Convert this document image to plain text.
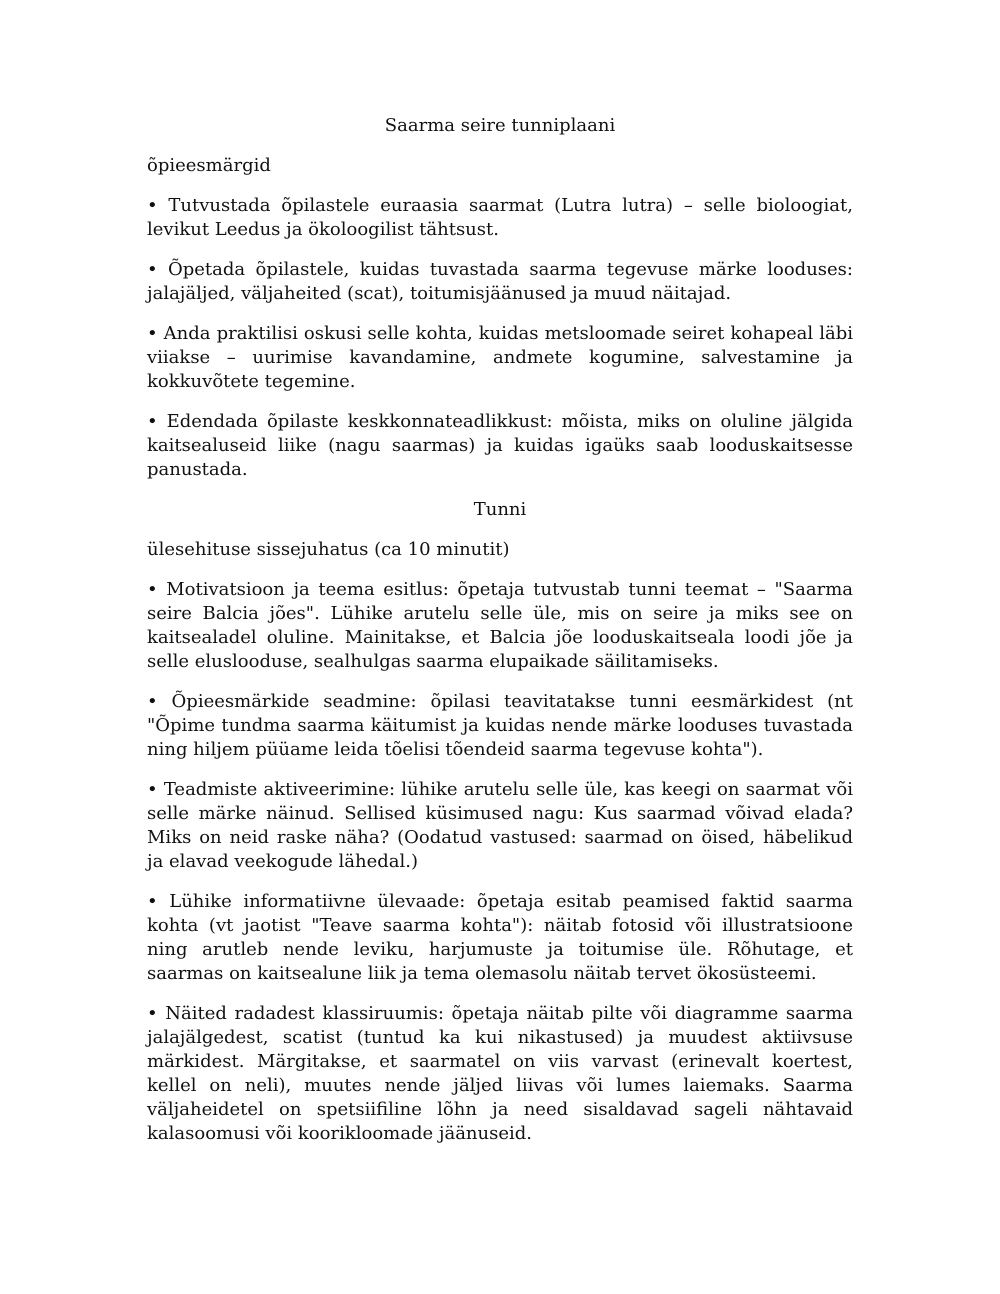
Saarma seire tunniplaani

õpieesmärgid

• Tutvustada õpilastele euraasia saarmat (Lutra lutra) – selle bioloogiat, levikut Leedus ja ökoloogilist tähtsust.

• Õpetada õpilastele, kuidas tuvastada saarma tegevuse märke looduses: jalajäljed, väljaheited (scat), toitumisjäänused ja muud näitajad.

• Anda praktilisi oskusi selle kohta, kuidas metsloomade seiret kohapeal läbi viiakse – uurimise kavandamine, andmete kogumine, salvestamine ja kokkuvõtete tegemine.

• Edendada õpilaste keskkonnateadlikkust: mõista, miks on oluline jälgida kaitsealuseid liike (nagu saarmas) ja kuidas igaüks saab looduskaitsesse panustada.

Tunni

ülesehituse sissejuhatus (ca 10 minutit)

• Motivatsioon ja teema esitlus: õpetaja tutvustab tunni teemat – "Saarma seire Balcia jões". Lühike arutelu selle üle, mis on seire ja miks see on kaitsealadel oluline. Mainitakse, et Balcia jõe looduskaitseala loodi jõe ja selle eluslooduse, sealhulgas saarma elupaikade säilitamiseks.

• Õpieesmärkide seadmine: õpilasi teavitatakse tunni eesmärkidest (nt "Õpime tundma saarma käitumist ja kuidas nende märke looduses tuvastada ning hiljem püüame leida tõelisi tõendeid saarma tegevuse kohta").

• Teadmiste aktiveerimine: lühike arutelu selle üle, kas keegi on saarmat või selle märke näinud. Sellised küsimused nagu: Kus saarmad võivad elada? Miks on neid raske näha? (Oodatud vastused: saarmad on öised, häbelikud ja elavad veekogude lähedal.)

• Lühike informatiivne ülevaade: õpetaja esitab peamised faktid saarma kohta (vt jaotist "Teave saarma kohta"): näitab fotosid või illustratsioone ning arutleb nende leviku, harjumuste ja toitumise üle. Rõhutage, et saarmas on kaitsealune liik ja tema olemasolu näitab tervet ökosüsteemi.

• Näited radadest klassiruumis: õpetaja näitab pilte või diagramme saarma jalajälgedest, scatist (tuntud ka kui nikastused) ja muudest aktiivsuse märkidest. Märgitakse, et saarmatel on viis varvast (erinevalt koertest, kellel on neli), muutes nende jäljed liivas või lumes laiemaks. Saarma väljaheidetel on spetsiifiline lõhn ja need sisaldavad sageli nähtavaid kalasoomusi või koorikloomade jäänuseid.
